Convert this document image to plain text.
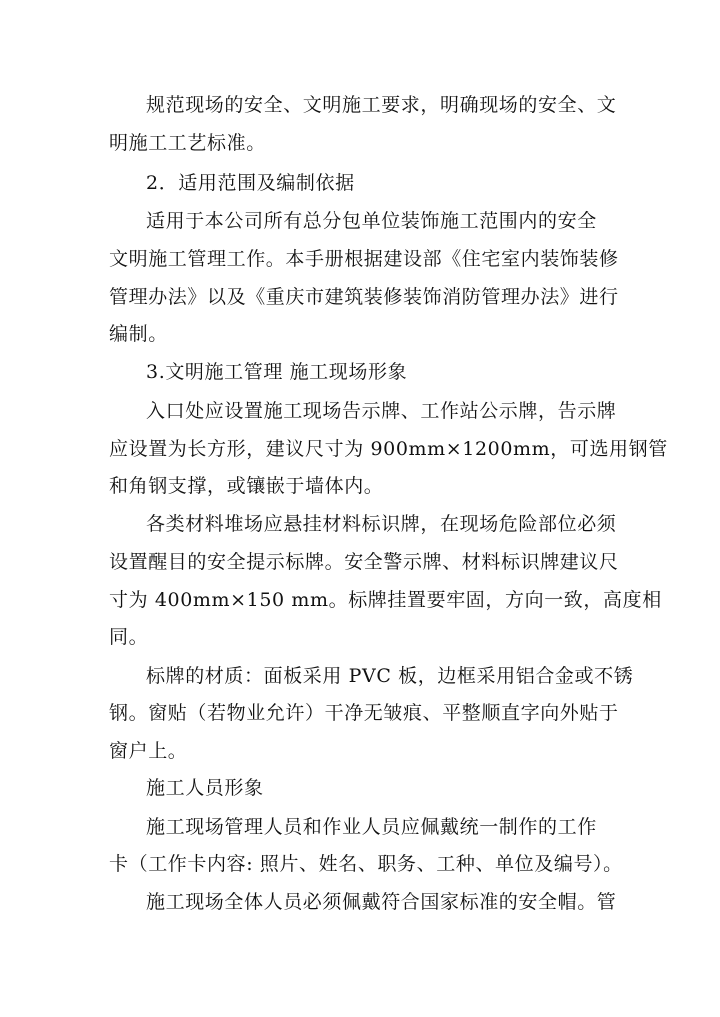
规范现场的安全、文明施工要求，明确现场的安全、文
明施工工艺标准。
2．适用范围及编制依据
适用于本公司所有总分包单位装饰施工范围内的安全
文明施工管理工作。本手册根据建设部《住宅室内装饰装修
管理办法》以及《重庆市建筑装修装饰消防管理办法》进行
编制。
3.文明施工管理 施工现场形象
入口处应设置施工现场告示牌、工作站公示牌，告示牌
应设置为长方形，建议尺寸为 900mm×1200mm，可选用钢管
和角钢支撑，或镶嵌于墙体内。
各类材料堆场应悬挂材料标识牌，在现场危险部位必须
设置醒目的安全提示标牌。安全警示牌、材料标识牌建议尺
寸为 400mm×150 mm。标牌挂置要牢固，方向一致，高度相
同。
标牌的材质：面板采用 PVC 板，边框采用铝合金或不锈
钢。窗贴（若物业允许）干净无皱痕、平整顺直字向外贴于
窗户上。
施工人员形象
施工现场管理人员和作业人员应佩戴统一制作的工作
卡（工作卡内容: 照片、姓名、职务、工种、单位及编号）。
施工现场全体人员必须佩戴符合国家标准的安全帽。管
